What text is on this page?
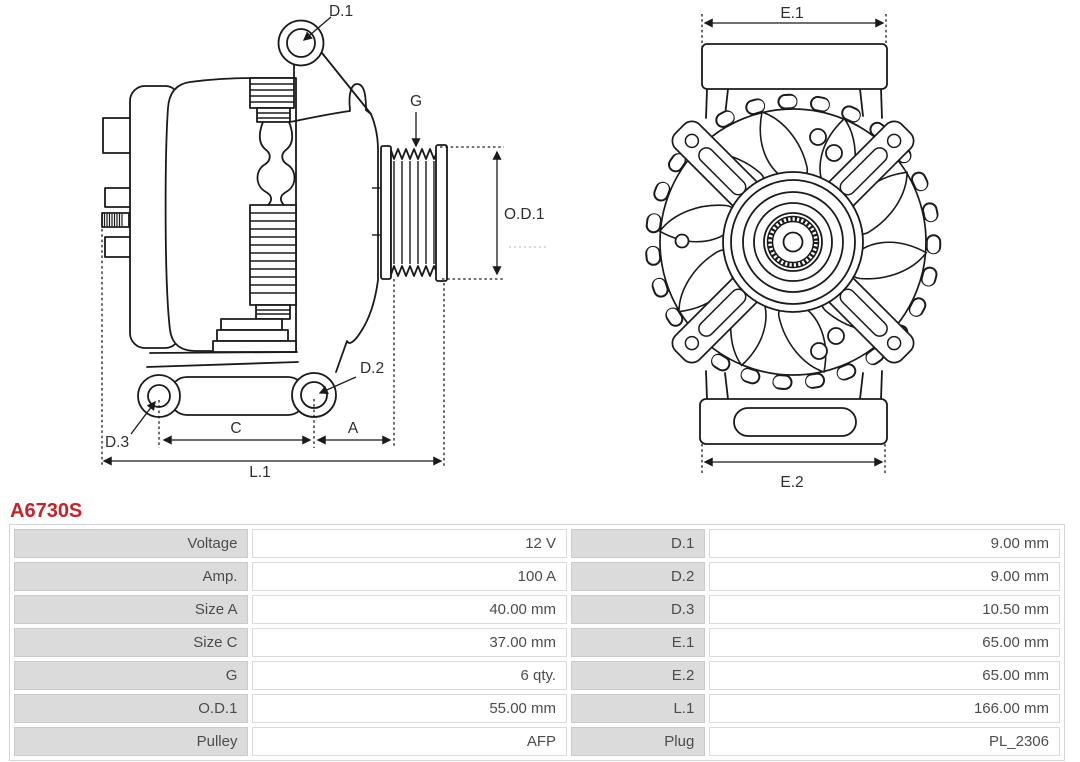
D.1
G
O.D.1
D.2
D.3
C	A
L.1
E.1
E.2
A6730S
Voltage	12 V	D.1	9.00 mm
Amp.	100 A	D.2	9.00 mm
Size A	40.00 mm	D.3	10.50 mm
Size C	37.00 mm	E.1	65.00 mm
G	6 qty.	E.2	65.00 mm
O.D.1	55.00 mm	L.1	166.00 mm
Pulley	AFP	Plug	PL_2306
